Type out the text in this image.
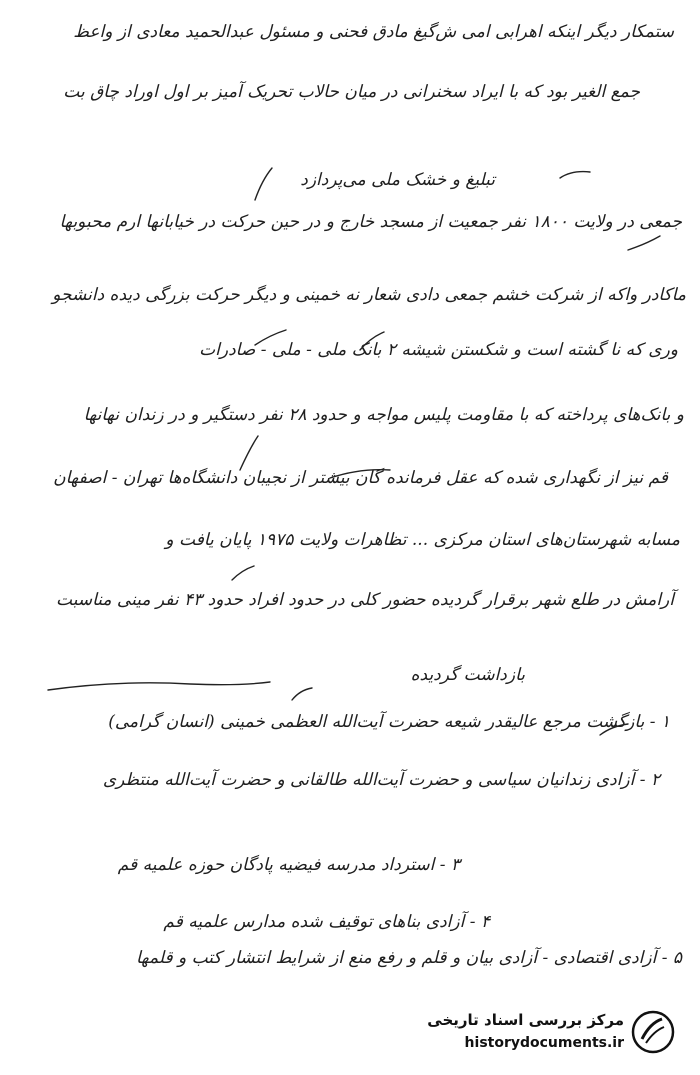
ستمکار دیگر اینکه اهرابی امی ش‌گیغ مادق فحنی و مسئول عبدالحمید معادی از واعظ
جمع الغیر بود که با ایراد سخنرانی در میان حالاب تحریک آمیز بر اول اوراد چاق بت
تبلیغ و خشک ملی می‌پردازد
جمعی در ولایت ۱۸۰۰ نفر جمعیت از مسجد خارج و در حین حرکت در خیابانها ارم محبوبها
ماکادر واکه از شرکت خشم جمعی دادی شعار نه خمینی و دیگر حرکت بزرگی دیده دانشجو
وری که نا گشته است و شکستن شیشه ۲ بانک ملی - ملی - صادرات
و بانک‌های پرداخته که با مقاومت پلیس مواجه و حدود ۲۸ نفر دستگیر و در زندان نهانها
قم نیز از نگهداری شده که عقل فرمانده گان بیشتر از نجیبان دانشگاه‌ها تهران - اصفهان
مسابه شهرستان‌های استان مرکزی ... تظاهرات ولایت ۱۹۷۵ پایان یافت و
آرامش در طلع شهر برقرار گردیده حضور کلی در حدود افراد حدود ۴۳ نفر مینی مناسبت
بازداشت گردیده
۱ - بازگشت مرجع عالیقدر شیعه حضرت آیت‌الله العظمی خمینی (انسان گرامی)
۲ - آزادی زندانیان سیاسی و حضرت آیت‌الله طالقانی و حضرت آیت‌الله منتظری
۳ - استرداد مدرسه فیضیه پادگان حوزه علمیه قم
۴ - آزادی بناهای توقیف شده مدارس علمیه قم
۵ - آزادی اقتصادی - آزادی بیان و قلم و رفع منع از شرایط انتشار کتب و قلمها
مرکز بررسی اسناد تاریخی
historydocuments.ir
